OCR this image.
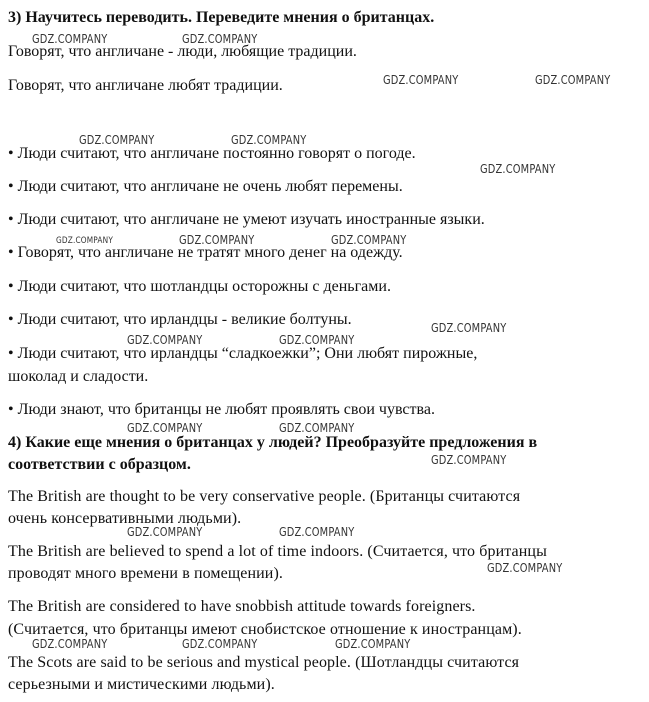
3) Научитесь переводить. Переведите мнения о британцах.
Говорят, что англичане - люди, любящие традиции.
Говорят, что англичане любят традиции.
• Люди считают, что англичане постоянно говорят о погоде.
• Люди считают, что англичане не очень любят перемены.
• Люди считают, что англичане не умеют изучать иностранные языки.
• Говорят, что англичане не тратят много денег на одежду.
• Люди считают, что шотландцы осторожны с деньгами.
• Люди считают, что ирландцы - великие болтуны.
• Люди считают, что ирландцы “сладкоежки”; Они любят пирожные,
шоколад и сладости.
• Люди знают, что британцы не любят проявлять свои чувства.
4) Какие еще мнения о британцах у людей? Преобразуйте предложения в
соответствии с образцом.
The British are thought to be very conservative people. (Британцы считаются
очень консервативными людьми).
The British are believed to spend a lot of time indoors. (Считается, что британцы
проводят много времени в помещении).
The British are considered to have snobbish attitude towards foreigners.
(Считается, что британцы имеют снобистское отношение к иностранцам).
The Scots are said to be serious and mystical people. (Шотландцы считаются
серьезными и мистическими людьми).
GDZ.COMPANY	GDZ.COMPANY
GDZ.COMPANY	GDZ.COMPANY
GDZ.COMPANY	GDZ.COMPANY
GDZ.COMPANY
GDZ.COMPANY	GDZ.COMPANY	GDZ.COMPANY
GDZ.COMPANY
GDZ.COMPANY	GDZ.COMPANY
GDZ.COMPANY	GDZ.COMPANY
GDZ.COMPANY
GDZ.COMPANY	GDZ.COMPANY
GDZ.COMPANY
GDZ.COMPANY	GDZ.COMPANY	GDZ.COMPANY
